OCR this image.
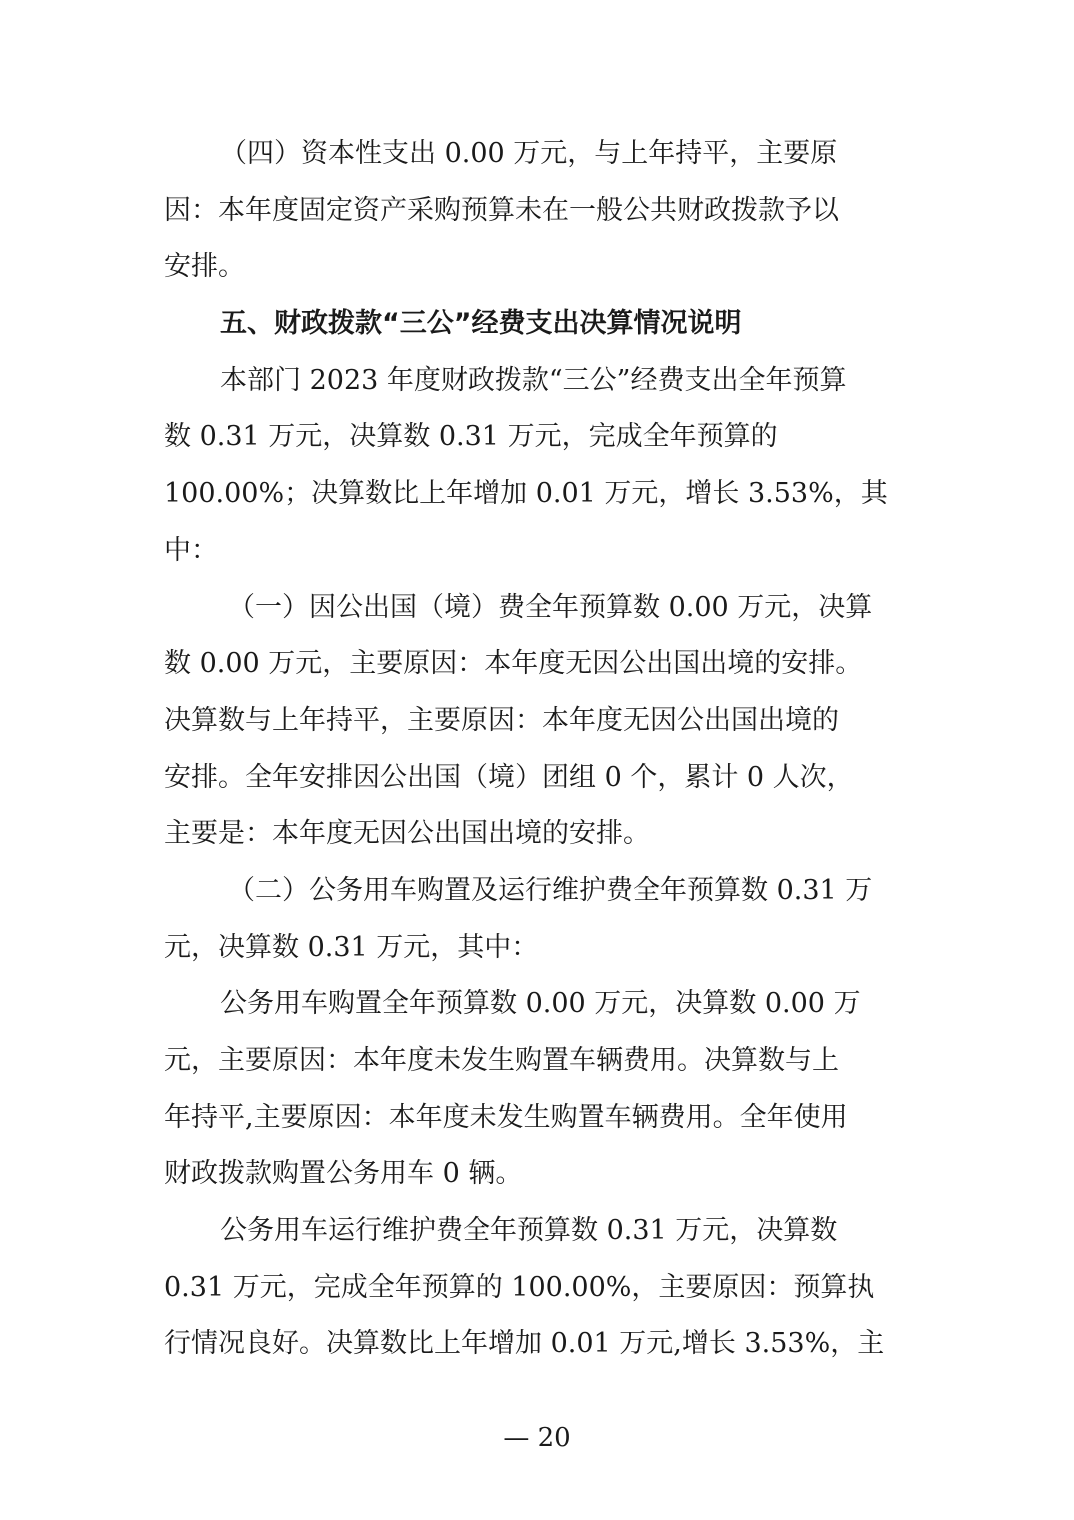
（四）资本性支出 0.00 万元，与上年持平，主要原
因：本年度固定资产采购预算未在一般公共财政拨款予以
安排。
五、财政拨款“三公”经费支出决算情况说明
本部门 2023 年度财政拨款“三公”经费支出全年预算
数 0.31 万元，决算数 0.31 万元，完成全年预算的
100.00%；决算数比上年增加 0.01 万元，增长 3.53%，其
中：
（一）因公出国（境）费全年预算数 0.00 万元，决算
数 0.00 万元，主要原因：本年度无因公出国出境的安排。
决算数与上年持平，主要原因：本年度无因公出国出境的
安排。全年安排因公出国（境）团组 0 个，累计 0 人次，
主要是：本年度无因公出国出境的安排。
（二）公务用车购置及运行维护费全年预算数 0.31 万
元，决算数 0.31 万元，其中：
公务用车购置全年预算数 0.00 万元，决算数 0.00 万
元，主要原因：本年度未发生购置车辆费用。决算数与上
年持平,主要原因：本年度未发生购置车辆费用。全年使用
财政拨款购置公务用车 0 辆。
公务用车运行维护费全年预算数 0.31 万元，决算数
0.31 万元，完成全年预算的 100.00%，主要原因：预算执
行情况良好。决算数比上年增加 0.01 万元,增长 3.53%，主
— 20
